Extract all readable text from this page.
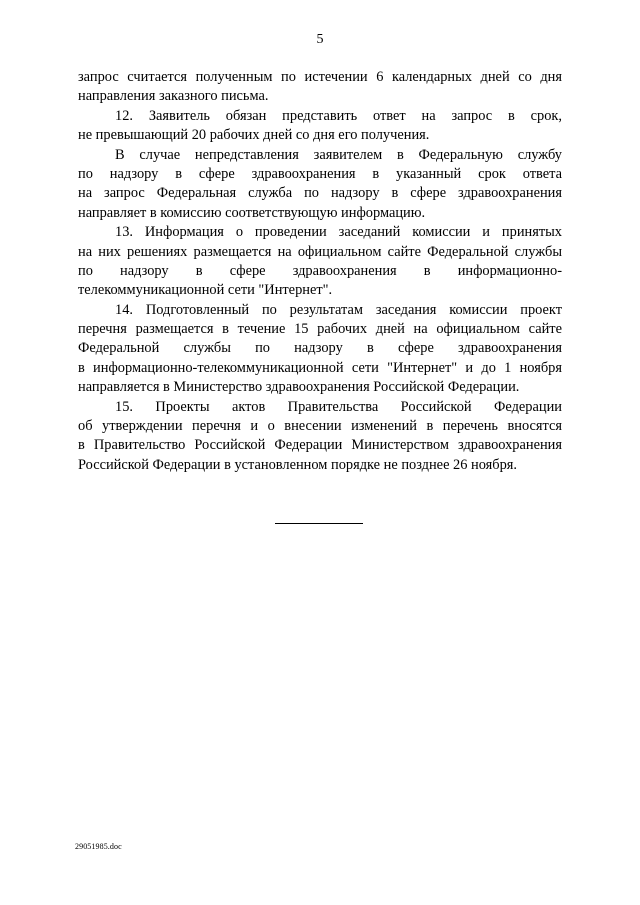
5
запрос считается полученным по истечении 6 календарных дней со дня
направления заказного письма.
12. Заявитель обязан представить ответ на запрос в срок,
не превышающий 20 рабочих дней со дня его получения.
В случае непредставления заявителем в Федеральную службу
по надзору в сфере здравоохранения в указанный срок ответа
на запрос Федеральная служба по надзору в сфере здравоохранения
направляет в комиссию соответствующую информацию.
13. Информация о проведении заседаний комиссии и принятых
на них решениях размещается на официальном сайте Федеральной службы
по надзору в сфере здравоохранения в информационно-
телекоммуникационной сети "Интернет".
14. Подготовленный по результатам заседания комиссии проект
перечня размещается в течение 15 рабочих дней на официальном сайте
Федеральной службы по надзору в сфере здравоохранения
в информационно-телекоммуникационной сети "Интернет" и до 1 ноября
направляется в Министерство здравоохранения Российской Федерации.
15. Проекты актов Правительства Российской Федерации
об утверждении перечня и о внесении изменений в перечень вносятся
в Правительство Российской Федерации Министерством здравоохранения
Российской Федерации в установленном порядке не позднее 26 ноября.
29051985.doc
